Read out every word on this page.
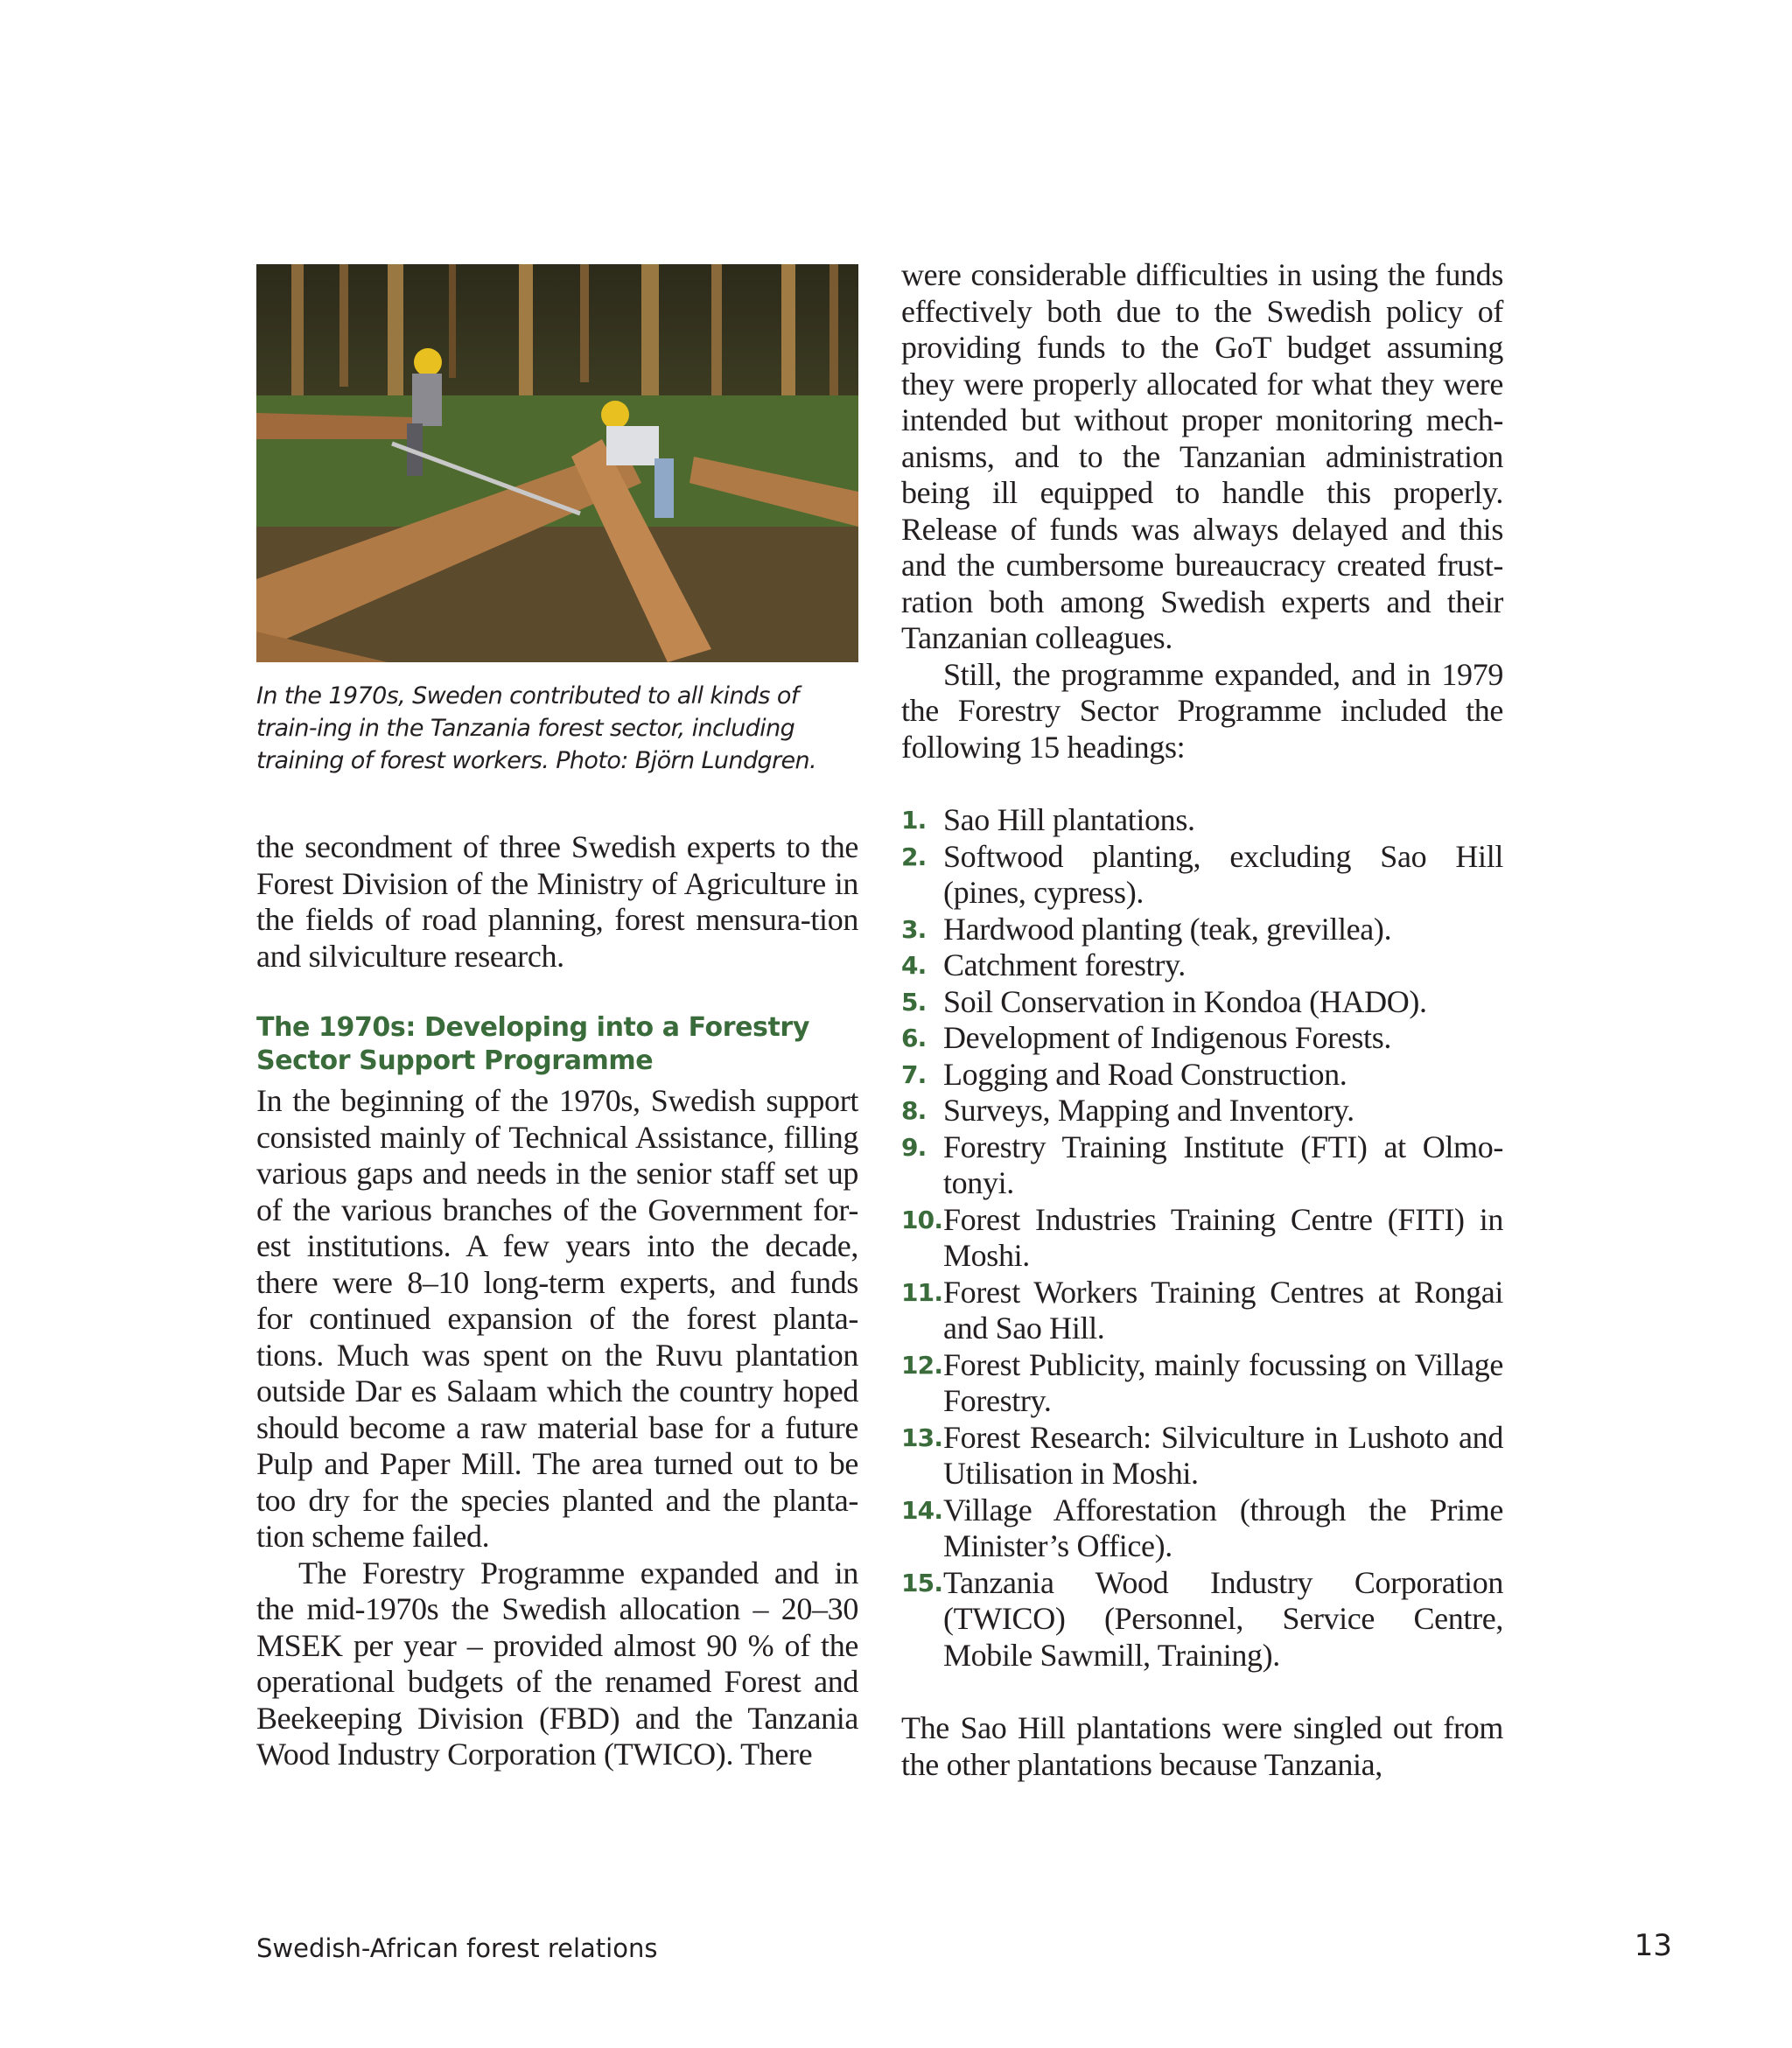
In the 1970s, Sweden contributed to all kinds of train-ing in the Tanzania forest sector, including training of forest workers. Photo: Björn Lundgren.

the secondment of three Swedish experts to the Forest Division of the Ministry of Agriculture in the fields of road planning, forest mensura-tion and silviculture research.

The 1970s: Developing into a Forestry Sector Support Programme

In the beginning of the 1970s, Swedish support consisted mainly of Technical Assistance, filling various gaps and needs in the senior staff set up of the various branches of the Government for-est institutions. A few years into the decade, there were 8–10 long-term experts, and funds for continued expansion of the forest planta-tions. Much was spent on the Ruvu plantation outside Dar es Salaam which the country hoped should become a raw material base for a future Pulp and Paper Mill. The area turned out to be too dry for the species planted and the planta-tion scheme failed.

The Forestry Programme expanded and in the mid-1970s the Swedish allocation – 20–30 MSEK per year – provided almost 90 % of the operational budgets of the renamed Forest and Beekeeping Division (FBD) and the Tanzania Wood Industry Corporation (TWICO). There

were considerable difficulties in using the funds effectively both due to the Swedish policy of providing funds to the GoT budget assuming they were properly allocated for what they were intended but without proper monitoring mech-anisms, and to the Tanzanian administration being ill equipped to handle this properly. Release of funds was always delayed and this and the cumbersome bureaucracy created frust-ration both among Swedish experts and their Tanzanian colleagues.

Still, the programme expanded, and in 1979 the Forestry Sector Programme included the following 15 headings:

1. Sao Hill plantations.
2. Softwood planting, excluding Sao Hill (pines, cypress).
3. Hardwood planting (teak, grevillea).
4. Catchment forestry.
5. Soil Conservation in Kondoa (HADO).
6. Development of Indigenous Forests.
7. Logging and Road Construction.
8. Surveys, Mapping and Inventory.
9. Forestry Training Institute (FTI) at Olmo-tonyi.
10. Forest Industries Training Centre (FITI) in Moshi.
11. Forest Workers Training Centres at Rongai and Sao Hill.
12. Forest Publicity, mainly focussing on Village Forestry.
13. Forest Research: Silviculture in Lushoto and Utilisation in Moshi.
14. Village Afforestation (through the Prime Minister’s Office).
15. Tanzania Wood Industry Corporation (TWICO) (Personnel, Service Centre, Mobile Sawmill, Training).

The Sao Hill plantations were singled out from the other plantations because Tanzania,

Swedish-African forest relations	13
